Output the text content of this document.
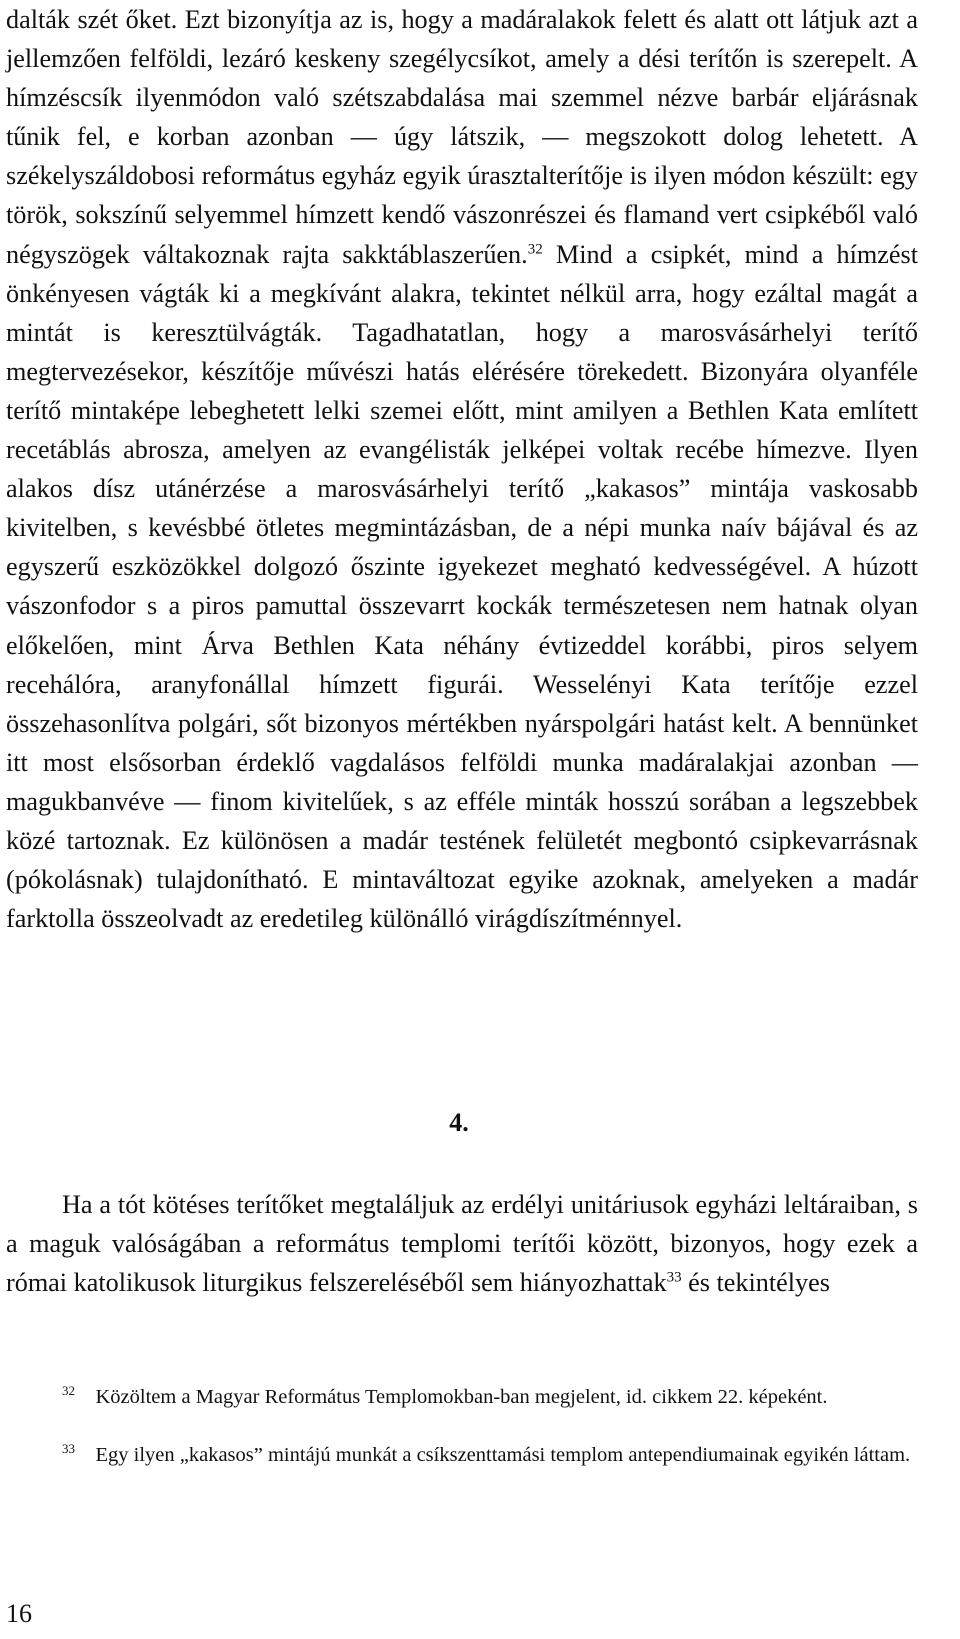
dalták szét őket. Ezt bizonyítja az is, hogy a madáralakok felett és alatt ott látjuk azt a jellemzően felföldi, lezáró keskeny szegélycsíkot, amely a dési terítőn is szerepelt. A hímzéscsík ilyenmódon való szétszabdalása mai szemmel nézve barbár eljárásnak tűnik fel, e korban azonban — úgy látszik, — megszokott dolog lehetett. A székelyszáldobosi református egyház egyik úrasztalterítője is ilyen módon készült: egy török, sokszínű selyemmel hímzett kendő vászonrészei és flamand vert csipkéből való négyszögek váltakoznak rajta sakktáblaszerűen.$^{32}$ Mind a csipkét, mind a hímzést önkényesen vágták ki a megkívánt alakra, tekintet nélkül arra, hogy ezáltal magát a mintát is keresztülvágták. Tagadhatatlan, hogy a marosvásárhelyi terítő megtervezésekor, készítője művészi hatás elérésére törekedett. Bizonyára olyanféle terítő mintaképe lebeghetett lelki szemei előtt, mint amilyen a Bethlen Kata említett recetáblás abrosza, amelyen az evangélisták jelképei voltak recébe hímezve. Ilyen alakos dísz utánérzése a marosvásárhelyi terítő „kakasos” mintája vaskosabb kivitelben, s kevésbbé ötletes megmintázásban, de a népi munka naív bájával és az egyszerű eszközökkel dolgozó őszinte igyekezet megható kedvességével. A húzott vászonfodor s a piros pamuttal összevarrt kockák természetesen nem hatnak olyan előkelően, mint Árva Bethlen Kata néhány évtizeddel korábbi, piros selyem recehálóra, aranyfonállal hímzett figurái. Wesselényi Kata terítője ezzel összehasonlítva polgári, sőt bizonyos mértékben nyárspolgári hatást kelt. A bennünket itt most elsősorban érdeklő vagdalásos felföldi munka madáralakjai azonban — magukbanvéve — finom kivitelűek, s az efféle minták hosszú sorában a legszebbek közé tartoznak. Ez különösen a madár testének felületét megbontó csipkevarrásnak (pókolásnak) tulajdonítható. E mintaváltozat egyike azoknak, amelyeken a madár farktolla összeolvadt az eredetileg különálló virágdíszítménnyel.

4.

Ha a tót kötéses terítőket megtaláljuk az erdélyi unitáriusok egyházi leltáraiban, s a maguk valóságában a református templomi terítői között, bizonyos, hogy ezek a római katolikusok liturgikus felszereléséből sem hiányozhattak$^{33}$ és tekintélyes

$^{32}$ Közöltem a Magyar Református Templomokban-ban megjelent, id. cikkem 22. képeként.

$^{33}$ Egy ilyen „kakasos” mintájú munkát a csíkszenttamási templom antependiumainak egyikén láttam.

16
